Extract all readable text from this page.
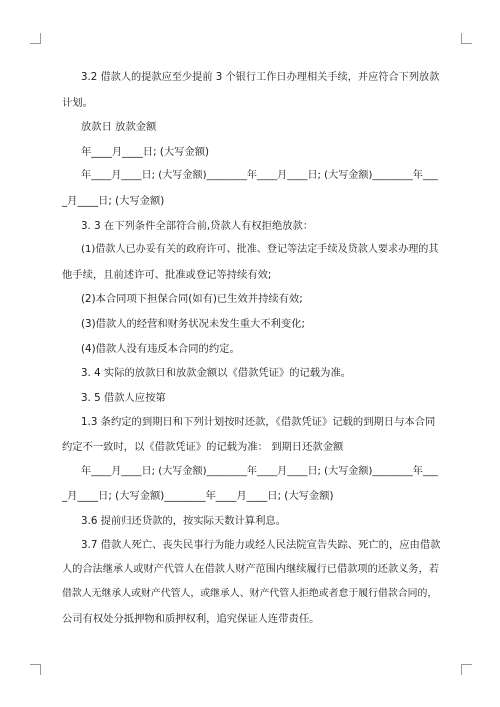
3.2 借款人的提款应至少提前 3 个银行工作日办理相关手续，并应符合下列放款

计划。

放款日 放款金额

年____月____日; (大写金额)

年____月____日; (大写金额)________年____月____日; (大写金额)________年___

_月____日; (大写金额)

3. 3 在下列条件全部符合前,贷款人有权拒绝放款：

(1)借款人已办妥有关的政府许可、批准、登记等法定手续及贷款人要求办理的其

他手续，且前述许可、批准或登记等持续有效;

(2)本合同项下担保合同(如有)已生效并持续有效;

(3)借款人的经营和财务状况未发生重大不利变化;

(4)借款人没有违反本合同的约定。

3. 4 实际的放款日和放款金额以《借款凭证》的记载为准。

3. 5 借款人应按第

1.3 条约定的到期日和下列计划按时还款，《借款凭证》记载的到期日与本合同

约定不一致时，以《借款凭证》的记载为准： 到期日还款金额

年____月____日; (大写金额)________年____月____日; (大写金额)________年___

_月____日; (大写金额)________年____月____日; (大写金额)

3.6 提前归还贷款的，按实际天数计算利息。

3.7 借款人死亡、丧失民事行为能力或经人民法院宣告失踪、死亡的，应由借款

人的合法继承人或财产代管人在借款人财产范围内继续履行已借款项的还款义务，若

借款人无继承人或财产代管人，或继承人、财产代管人拒绝或者怠于履行借款合同的，

公司有权处分抵押物和质押权利，追究保证人连带责任。
